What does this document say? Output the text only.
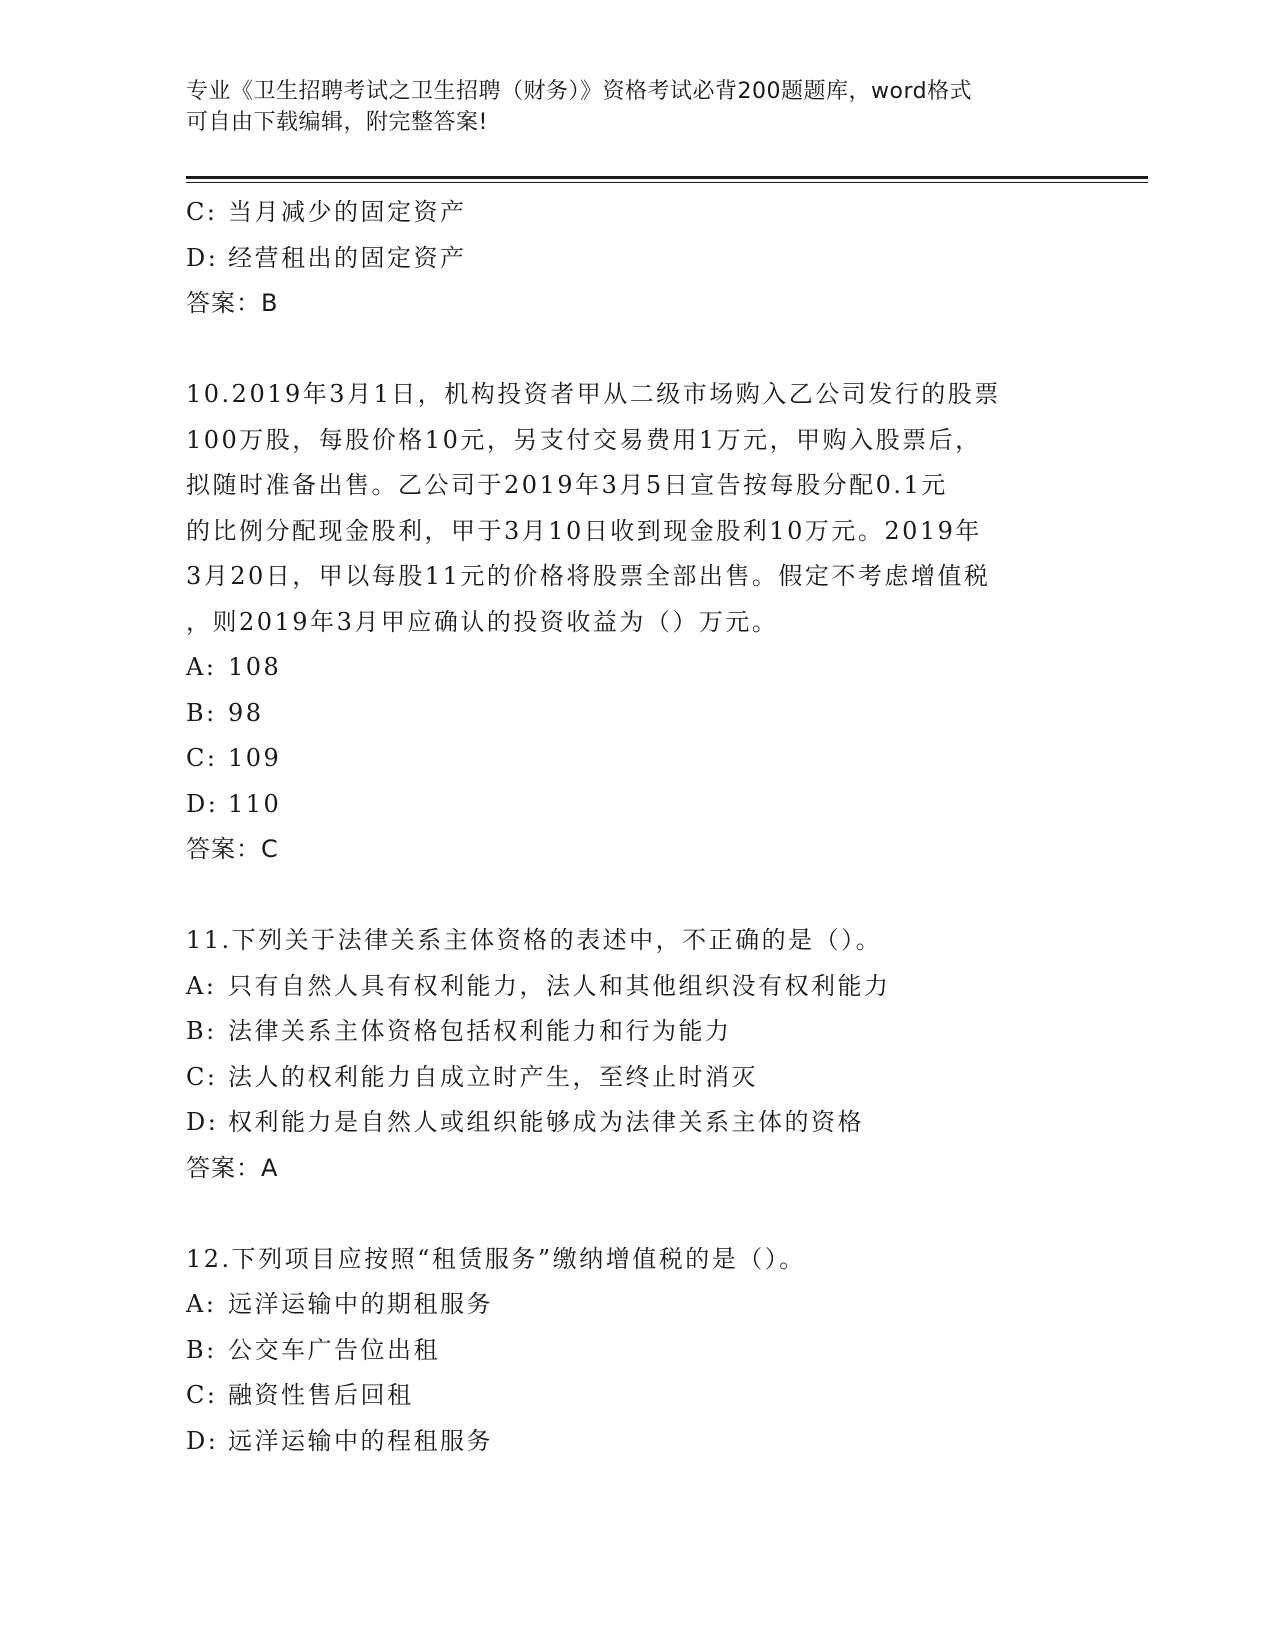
专业《卫生招聘考试之卫生招聘（财务）》资格考试必背200题题库，word格式
可自由下载编辑，附完整答案!
C: 当月减少的固定资产
D: 经营租出的固定资产
答案：B
10.2019年3月1日，机构投资者甲从二级市场购入乙公司发行的股票
100万股，每股价格10元，另支付交易费用1万元，甲购入股票后，
拟随时准备出售。乙公司于2019年3月5日宣告按每股分配0.1元
的比例分配现金股利，甲于3月10日收到现金股利10万元。2019年
3月20日，甲以每股11元的价格将股票全部出售。假定不考虑增值税
，则2019年3月甲应确认的投资收益为（）万元。
A: 108
B: 98
C: 109
D: 110
答案：C
11.下列关于法律关系主体资格的表述中，不正确的是（）。
A: 只有自然人具有权利能力，法人和其他组织没有权利能力
B: 法律关系主体资格包括权利能力和行为能力
C: 法人的权利能力自成立时产生，至终止时消灭
D: 权利能力是自然人或组织能够成为法律关系主体的资格
答案：A
12.下列项目应按照“租赁服务”缴纳增值税的是（）。
A: 远洋运输中的期租服务
B: 公交车广告位出租
C: 融资性售后回租
D: 远洋运输中的程租服务
